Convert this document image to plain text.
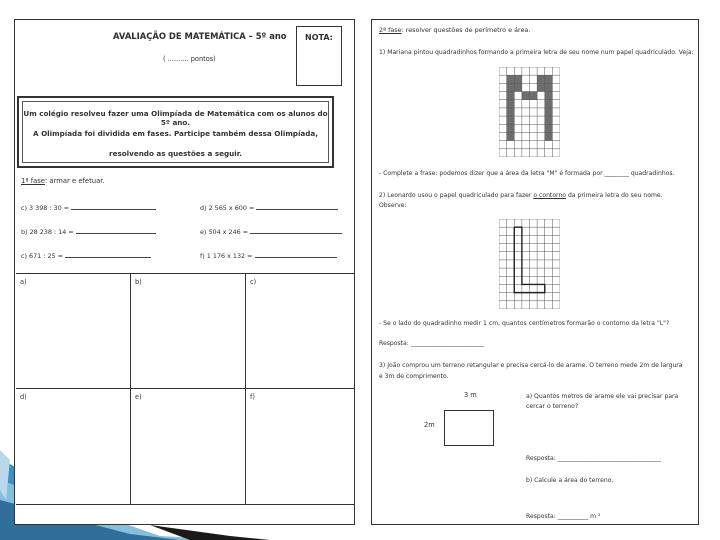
AVALIAÇÃO DE MATEMÁTICA – 5º ano
( .......... pontos)
NOTA:
Um colégio resolveu fazer uma Olimpíada de Matemática com os alunos do 5º ano.
A Olimpíada foi dividida em fases. Participe também dessa Olimpíada,
resolvendo as questões a seguir.
1ª fase: armar e efetuar.
c) 3 398 : 30 =	d) 2 565 x 600 =
b) 28 238 : 14 =	e) 504 x 246 =
c) 671 : 25 =	f) 1 176 x 132 =
a)	b)	c)
d)	e)	f)
2ª fase: resolver questões de perímetro e área.
1) Mariana pintou quadradinhos formando a primeira letra de seu nome num papel quadriculado. Veja:
- Complete a frase: podemos dizer que a área da letra "M" é formada por ________ quadradinhos.
2) Leonardo usou o papel quadriculado para fazer o contorno da primeira letra do seu nome.
Observe:
- Se o lado do quadradinho medir 1 cm, quantos centímetros formarão o contorno da letra "L"?
Resposta: ________________________
3) João comprou um terreno retangular e precisa cercá-lo de arame. O terreno mede 2m de largura
e 3m de comprimento.
3 m
2m
a) Quantos metros de arame ele vai precisar para
cercar o terreno?
Resposta: __________________________________
b) Calcule a área do terreno.
Resposta: __________ m ²
